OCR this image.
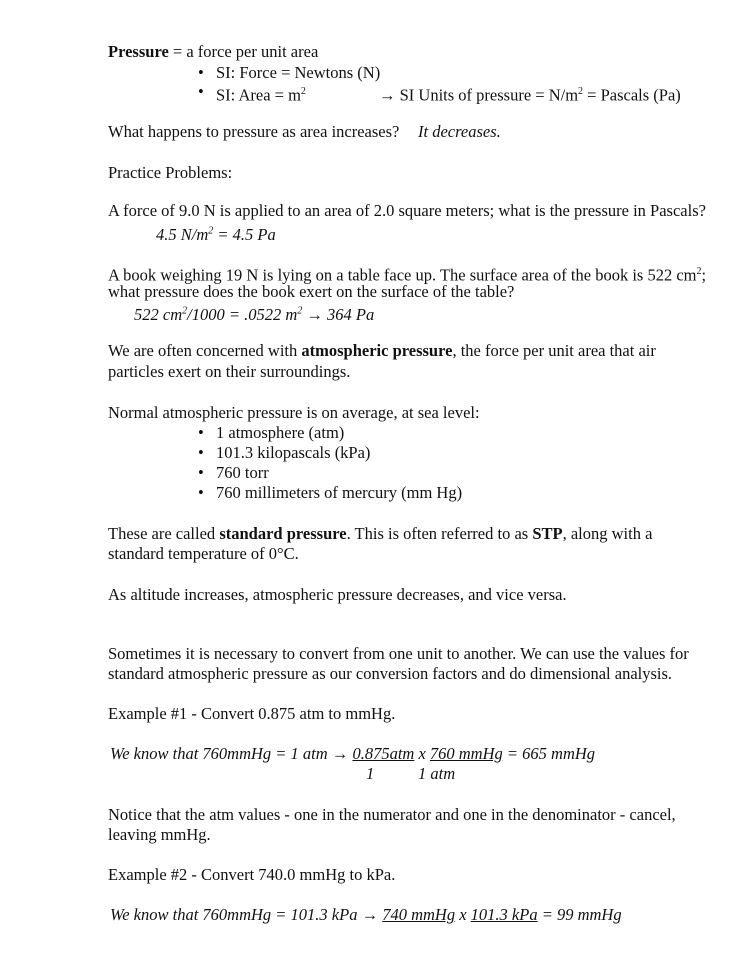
Pressure = a force per unit area
• SI: Force = Newtons (N)
• SI: Area = $m^2$	→ SI Units of pressure = $N/m^2$ = Pascals (Pa)
What happens to pressure as area increases? It decreases.
Practice Problems:
A force of 9.0 N is applied to an area of 2.0 square meters; what is the pressure in Pascals?
4.5 $N/m^2 = 4.5$ Pa
A book weighing 19 N is lying on a table face up. The surface area of the book is 522 $cm^2$;
what pressure does the book exert on the surface of the table?
522 $cm^2/1000 = .0522$ $m^2 \to 364$ Pa
We are often concerned with atmospheric pressure, the force per unit area that air
particles exert on their surroundings.
Normal atmospheric pressure is on average, at sea level:
• 1 atmosphere (atm)
• 101.3 kilopascals (kPa)
• 760 torr
• 760 millimeters of mercury (mm Hg)
These are called standard pressure. This is often referred to as STP, along with a
standard temperature of 0°C.
As altitude increases, atmospheric pressure decreases, and vice versa.
Sometimes it is necessary to convert from one unit to another. We can use the values for
standard atmospheric pressure as our conversion factors and do dimensional analysis.
Example #1 - Convert 0.875 atm to mmHg.
We know that 760mmHg = 1 atm → 0.875atm x 760 mmHg = 665 mmHg
1	1 atm
Notice that the atm values - one in the numerator and one in the denominator - cancel,
leaving mmHg.
Example #2 - Convert 740.0 mmHg to kPa.
We know that 760mmHg = 101.3 kPa → 740 mmHg x 101.3 kPa = 99 mmHg
